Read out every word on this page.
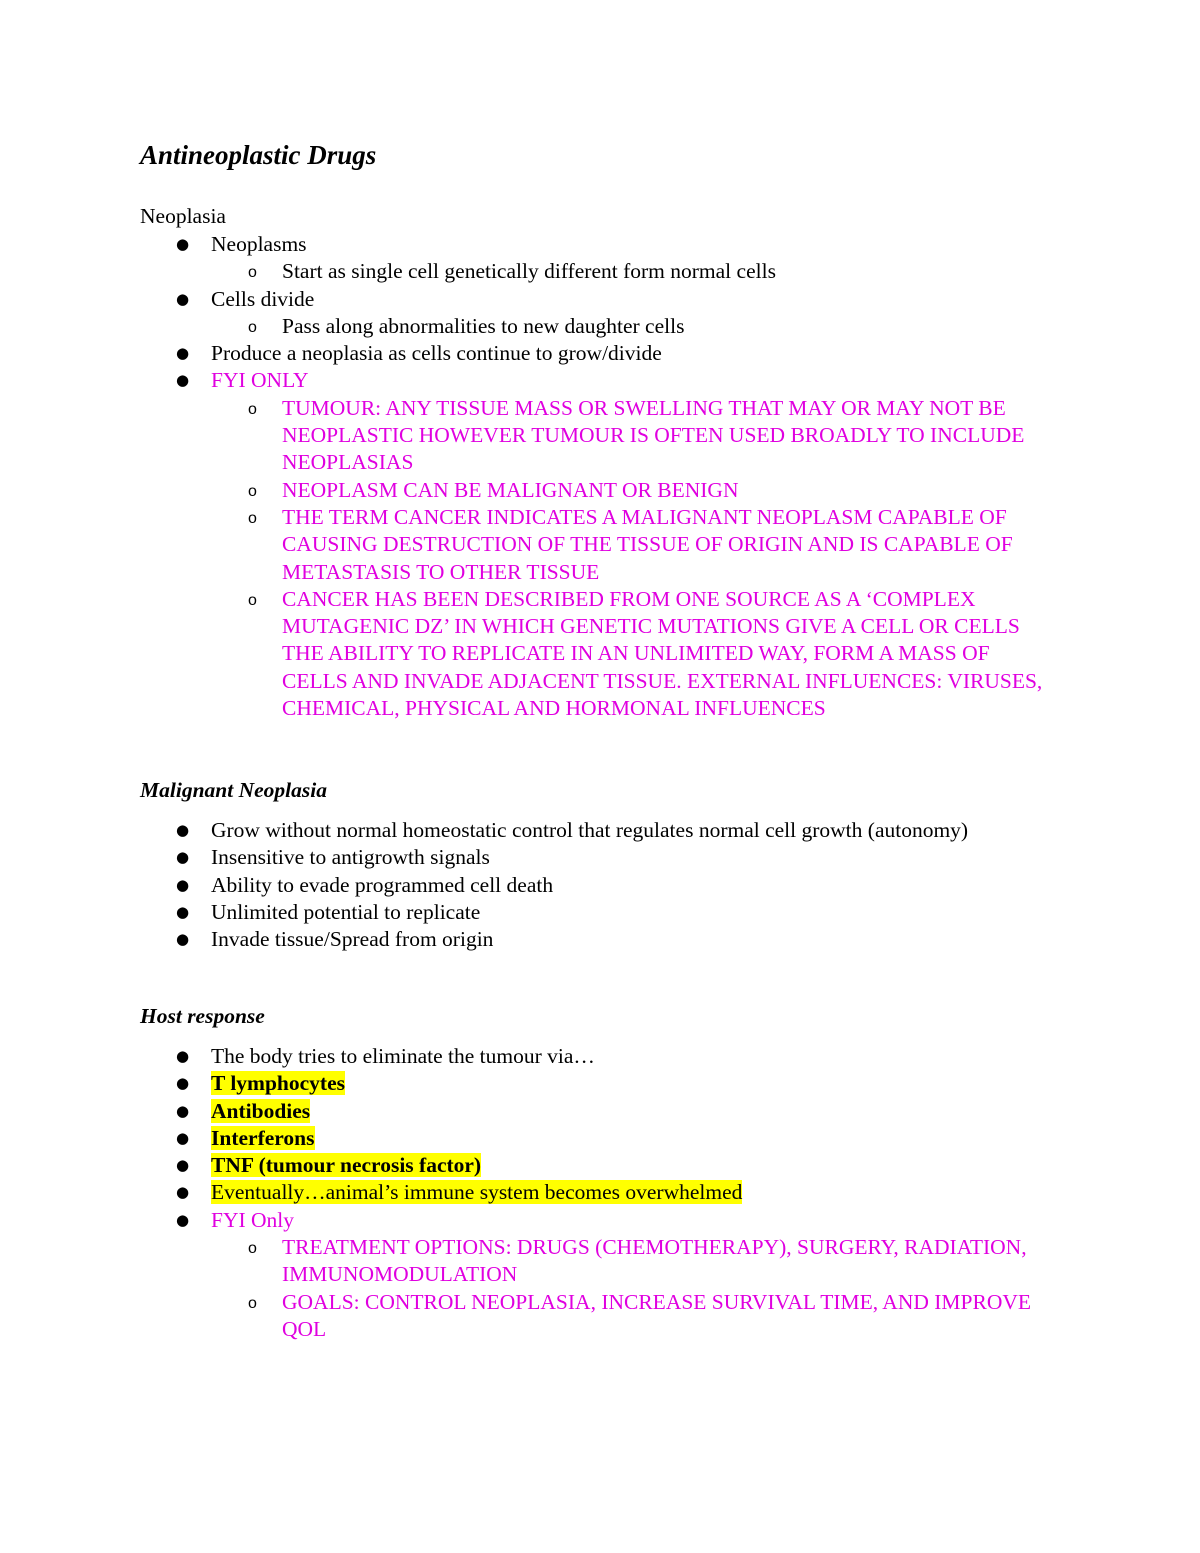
Antineoplastic Drugs

Neoplasia

● Neoplasms
o Start as single cell genetically different form normal cells
● Cells divide
o Pass along abnormalities to new daughter cells
● Produce a neoplasia as cells continue to grow/divide
● FYI ONLY
o TUMOUR: ANY TISSUE MASS OR SWELLING THAT MAY OR MAY NOT BE NEOPLASTIC HOWEVER TUMOUR IS OFTEN USED BROADLY TO INCLUDE NEOPLASIAS
o NEOPLASM CAN BE MALIGNANT OR BENIGN
o THE TERM CANCER INDICATES A MALIGNANT NEOPLASM CAPABLE OF CAUSING DESTRUCTION OF THE TISSUE OF ORIGIN AND IS CAPABLE OF METASTASIS TO OTHER TISSUE
o CANCER HAS BEEN DESCRIBED FROM ONE SOURCE AS A ‘COMPLEX MUTAGENIC DZ’ IN WHICH GENETIC MUTATIONS GIVE A CELL OR CELLS THE ABILITY TO REPLICATE IN AN UNLIMITED WAY, FORM A MASS OF CELLS AND INVADE ADJACENT TISSUE. EXTERNAL INFLUENCES: VIRUSES, CHEMICAL, PHYSICAL AND HORMONAL INFLUENCES

Malignant Neoplasia

● Grow without normal homeostatic control that regulates normal cell growth (autonomy)
● Insensitive to antigrowth signals
● Ability to evade programmed cell death
● Unlimited potential to replicate
● Invade tissue/Spread from origin

Host response

● The body tries to eliminate the tumour via…
● T lymphocytes
● Antibodies
● Interferons
● TNF (tumour necrosis factor)
● Eventually…animal’s immune system becomes overwhelmed
● FYI Only
o TREATMENT OPTIONS: DRUGS (CHEMOTHERAPY), SURGERY, RADIATION, IMMUNOMODULATION
o GOALS: CONTROL NEOPLASIA, INCREASE SURVIVAL TIME, AND IMPROVE QOL
